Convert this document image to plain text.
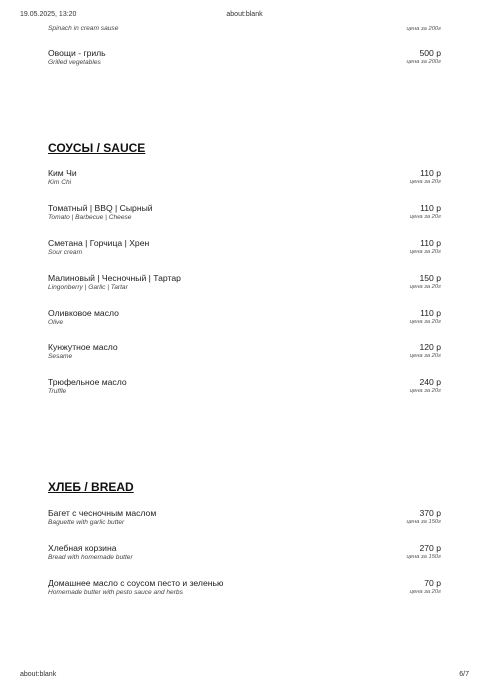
19.05.2025, 13:20	about:blank
Spinach in cream sause	цена за 200г
Овощи - гриль
Grilled vegetables
500 р
цена за 200г
СОУСЫ / SAUCE
Ким Чи
Kim Chi
110 р
цена за 20г
Томатный | BBQ | Сырный
Tomato | Barbecue | Cheese
110 р
цена за 20г
Сметана | Горчица | Хрен
Sour cream
110 р
цена за 20г
Малиновый | Чесночный | Тартар
Lingonberry | Garlic | Tartar
150 р
цена за 20г
Оливковое масло
Olive
110 р
цена за 20г
Кунжутное масло
Sesame
120 р
цена за 20г
Трюфельное масло
Truffle
240 р
цена за 20г
ХЛЕБ / BREAD
Багет с чесночным маслом
Baguette with garlic butter
370 р
цена за 150г
Хлебная корзина
Bread with homemade butter
270 р
цена за 150г
Домашнее масло с соусом песто и зеленью
Homemade butter with pesto sauce and herbs
70 р
цена за 20г
about:blank	6/7
